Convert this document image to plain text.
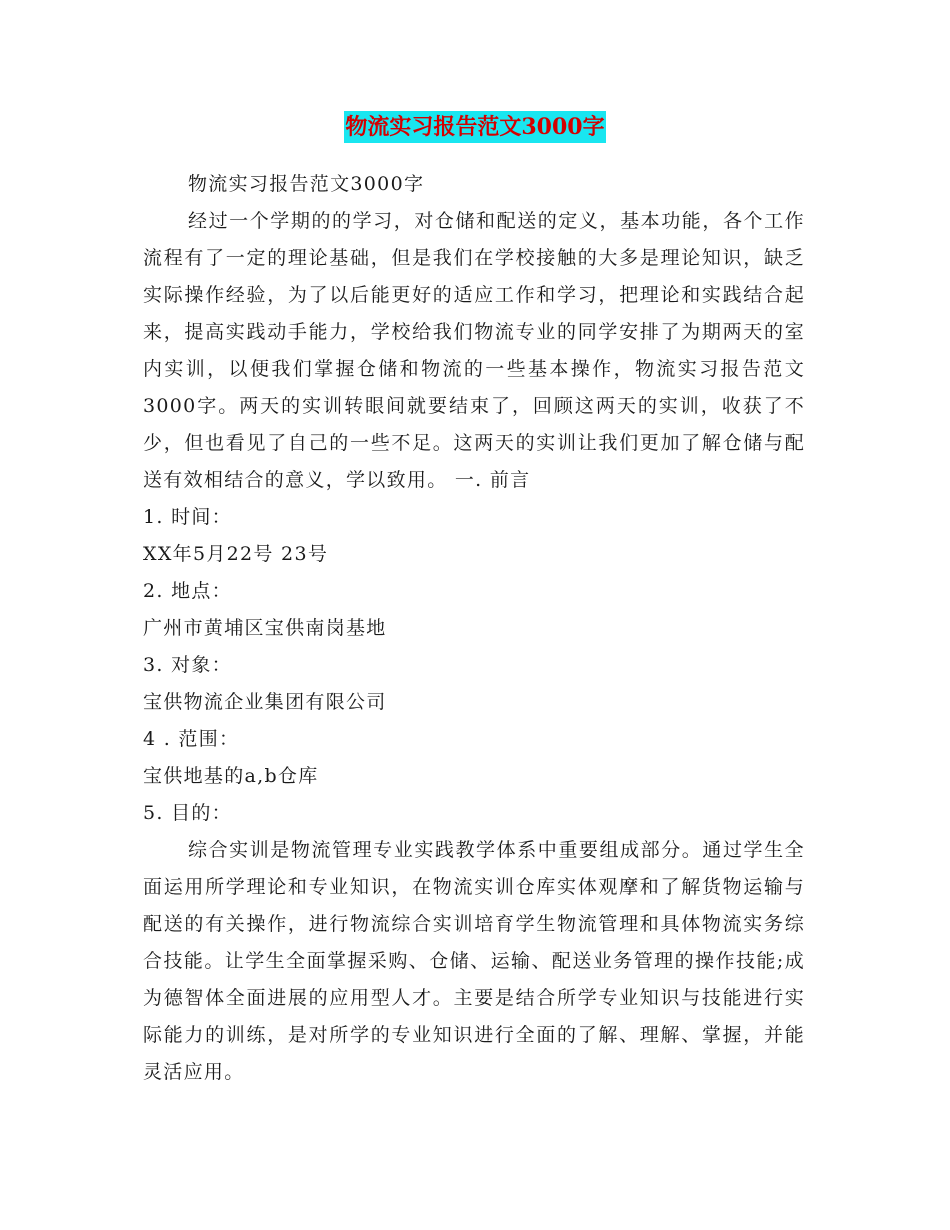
物流实习报告范文3000字

物流实习报告范文3000字

经过一个学期的的学习，对仓储和配送的定义，基本功能，各个工作流程有了一定的理论基础，但是我们在学校接触的大多是理论知识，缺乏实际操作经验，为了以后能更好的适应工作和学习，把理论和实践结合起来，提高实践动手能力，学校给我们物流专业的同学安排了为期两天的室内实训，以便我们掌握仓储和物流的一些基本操作，物流实习报告范文3000字。两天的实训转眼间就要结束了，回顾这两天的实训，收获了不少，但也看见了自己的一些不足。这两天的实训让我们更加了解仓储与配送有效相结合的意义，学以致用。 一. 前言

1. 时间：

XX年5月22号 23号

2. 地点：

广州市黄埔区宝供南岗基地

3. 对象：

宝供物流企业集团有限公司

4 . 范围：

宝供地基的a,b仓库

5. 目的：

综合实训是物流管理专业实践教学体系中重要组成部分。通过学生全面运用所学理论和专业知识，在物流实训仓库实体观摩和了解货物运输与配送的有关操作，进行物流综合实训培育学生物流管理和具体物流实务综合技能。让学生全面掌握采购、仓储、运输、配送业务管理的操作技能;成为德智体全面进展的应用型人才。主要是结合所学专业知识与技能进行实际能力的训练，是对所学的专业知识进行全面的了解、理解、掌握，并能灵活应用。
